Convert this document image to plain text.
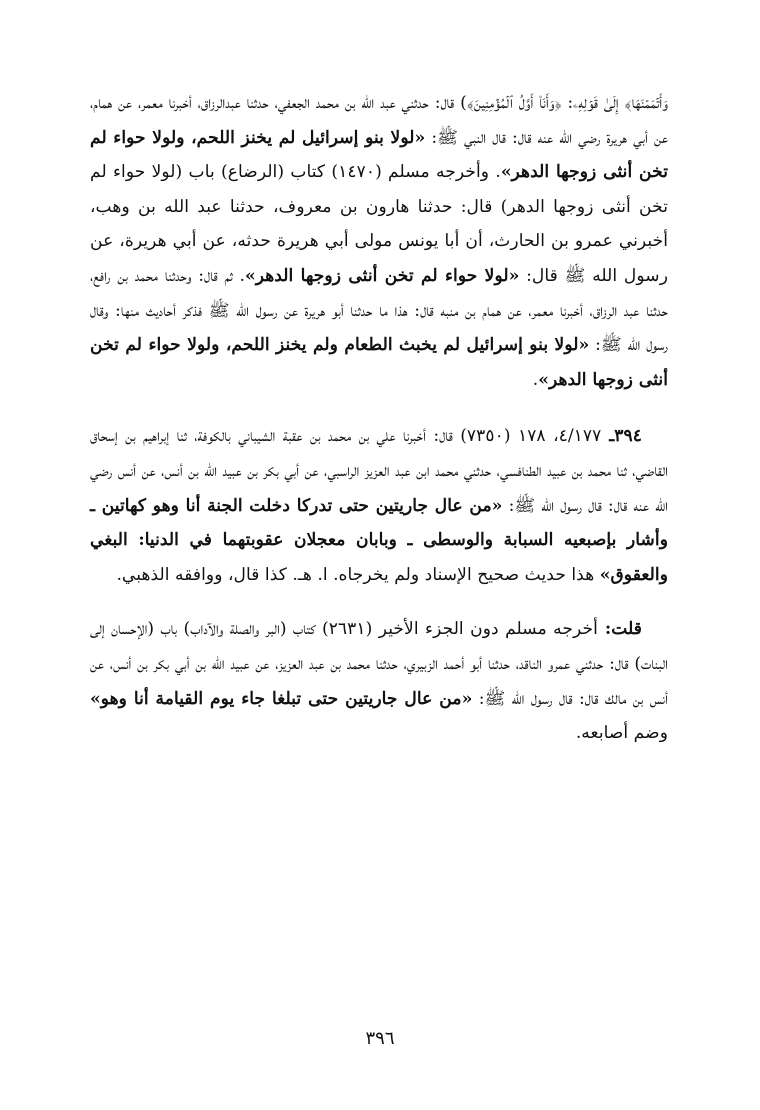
وَأَتۡمَمۡنَهَا﴾ إِلَىٰ قَوۡلِهِۦ: ﴿وَأَنَا۠ أَوَّلُ ٱلۡمُؤۡمِنِينَ﴾) قال: حدثني عبد الله بن محمد الجعفي، حدثنا عبدالرزاق، أخبرنا معمر، عن همام، عن أبي هريرة رضي الله عنه قال: قال النبي ﷺ: «لولا بنو إسرائيل لم يخنز اللحم، ولولا حواء لم تخن أنثى زوجها الدهر». وأخرجه مسلم (١٤٧٠) كتاب (الرضاع) باب (لولا حواء لم تخن أنثى زوجها الدهر) قال: حدثنا هارون بن معروف، حدثنا عبد الله بن وهب، أخبرني عمرو بن الحارث، أن أبا يونس مولى أبي هريرة حدثه، عن أبي هريرة، عن رسول الله ﷺ قال: «لولا حواء لم تخن أنثى زوجها الدهر». ثم قال: وحدثنا محمد بن رافع، حدثنا عبد الرزاق، أخبرنا معمر، عن همام بن منبه قال: هذا ما حدثنا أبو هريرة عن رسول الله ﷺ فذكر أحاديث منها: وقال رسول الله ﷺ: «لولا بنو إسرائيل لم يخبث الطعام ولم يخنز اللحم، ولولا حواء لم تخن أنثى زوجها الدهر».

٣٩٤ـ ٤/١٧٧، ١٧٨ (٧٣٥٠) قال: أخبرنا علي بن محمد بن عقبة الشيباني بالكوفة، ثنا إبراهيم بن إسحاق القاضي، ثنا محمد بن عبيد الطنافسي، حدثني محمد ابن عبد العزيز الراسبي، عن أبي بكر بن عبيد الله بن أنس، عن أنس رضي الله عنه قال: قال رسول الله ﷺ: «من عال جاريتين حتى تدركا دخلت الجنة أنا وهو كهاتين ـ وأشار بإصبعيه السبابة والوسطى ـ وبابان معجلان عقوبتهما في الدنيا: البغي والعقوق» هذا حديث صحيح الإسناد ولم يخرجاه. ا. هـ. كذا قال، ووافقه الذهبي.

قلت: أخرجه مسلم دون الجزء الأخير (٢٦٣١) كتاب (البر والصلة والآداب) باب (الإحسان إلى البنات) قال: حدثني عمرو الناقد، حدثنا أبو أحمد الزبيري، حدثنا محمد بن عبد العزيز، عن عبيد الله بن أبي بكر بن أنس، عن أنس بن مالك قال: قال رسول الله ﷺ: «من عال جاريتين حتى تبلغا جاء يوم القيامة أنا وهو» وضم أصابعه.

٣٩٦
